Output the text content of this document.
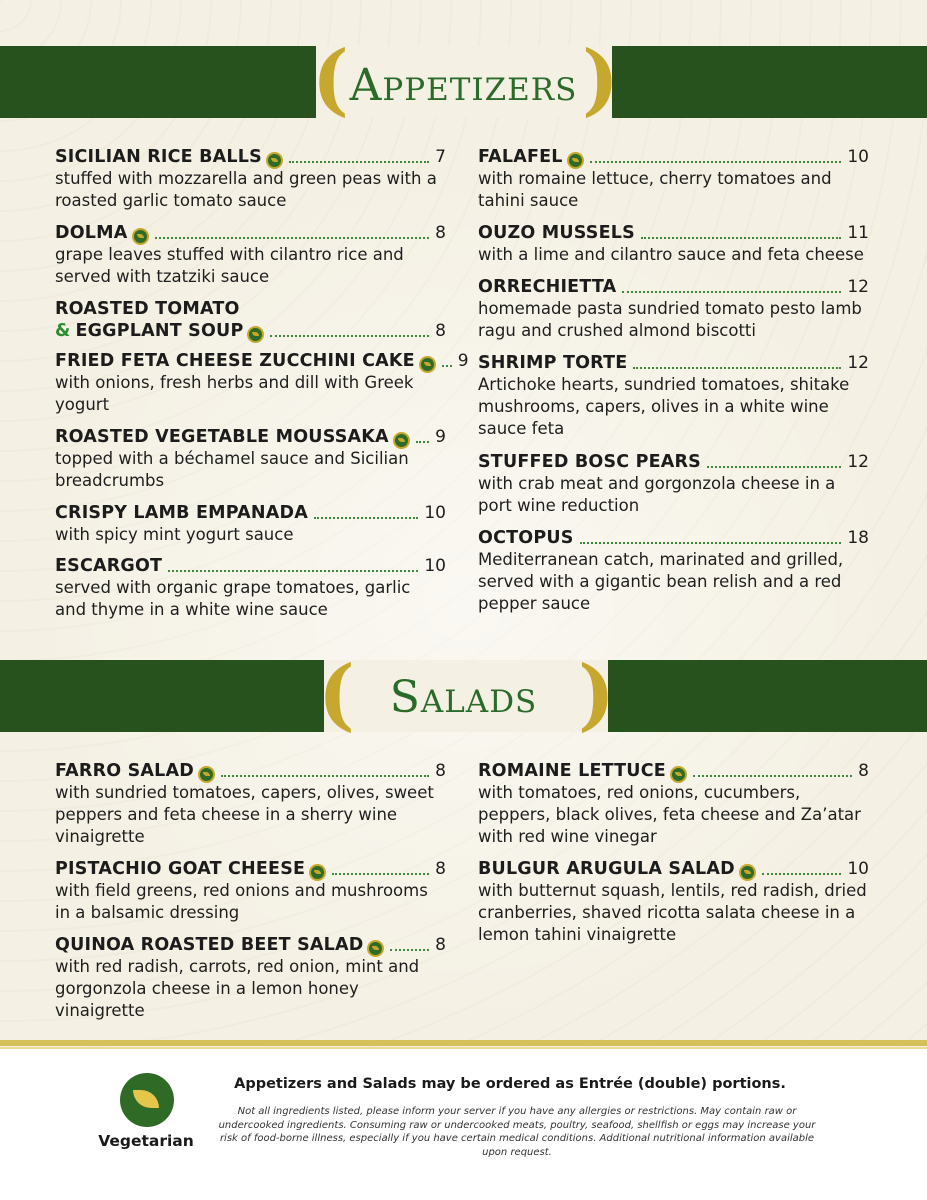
(	)
Appetizers
SICILIAN RICE BALLS	7
stuffed with mozzarella and green peas with a roasted garlic tomato sauce
DOLMA	8
grape leaves stuffed with cilantro rice and served with tzatziki sauce
ROASTED TOMATO
& EGGPLANT SOUP	8
FRIED FETA CHEESE ZUCCHINI CAKE	9
with onions, fresh herbs and dill with Greek yogurt
ROASTED VEGETABLE MOUSSAKA	9
topped with a béchamel sauce and Sicilian breadcrumbs
CRISPY LAMB EMPANADA	10
with spicy mint yogurt sauce
ESCARGOT	10
served with organic grape tomatoes, garlic and thyme in a white wine sauce
FALAFEL	10
with romaine lettuce, cherry tomatoes and tahini sauce
OUZO MUSSELS	11
with a lime and cilantro sauce and feta cheese
ORRECHIETTA	12
homemade pasta sundried tomato pesto lamb ragu and crushed almond biscotti
SHRIMP TORTE	12
Artichoke hearts, sundried tomatoes, shitake mushrooms, capers, olives in a white wine sauce feta
STUFFED BOSC PEARS	12
with crab meat and gorgonzola cheese in a port wine reduction
OCTOPUS	18
Mediterranean catch, marinated and grilled, served with a gigantic bean relish and a red pepper sauce
(	)
Salads
FARRO SALAD	8
with sundried tomatoes, capers, olives, sweet peppers and feta cheese in a sherry wine vinaigrette
PISTACHIO GOAT CHEESE	8
with field greens, red onions and mushrooms in a balsamic dressing
QUINOA ROASTED BEET SALAD	8
with red radish, carrots, red onion, mint and gorgonzola cheese in a lemon honey vinaigrette
ROMAINE LETTUCE	8
with tomatoes, red onions, cucumbers, peppers, black olives, feta cheese and Za’atar with red wine vinegar
BULGUR ARUGULA SALAD	10
with butternut squash, lentils, red radish, dried cranberries, shaved ricotta salata cheese in a lemon tahini vinaigrette
Vegetarian
Appetizers and Salads may be ordered as Entrée (double) portions.
Not all ingredients listed, please inform your server if you have any allergies or restrictions. May contain raw or undercooked ingredients. Consuming raw or undercooked meats, poultry, seafood, shellfish or eggs may increase your risk of food-borne illness, especially if you have certain medical conditions. Additional nutritional information available upon request.
